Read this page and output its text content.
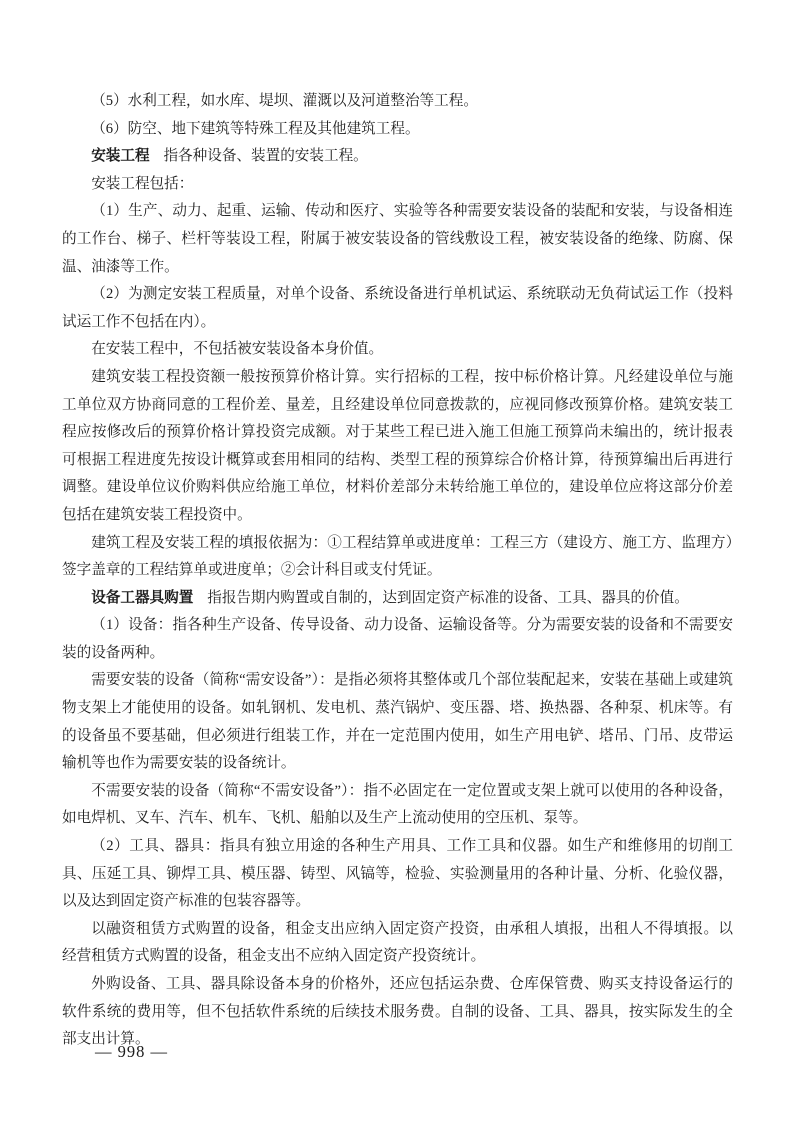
（5）水利工程，如水库、堤坝、灌溉以及河道整治等工程。

（6）防空、地下建筑等特殊工程及其他建筑工程。

安装工程 指各种设备、装置的安装工程。

安装工程包括：

（1）生产、动力、起重、运输、传动和医疗、实验等各种需要安装设备的装配和安装，与设备相连的工作台、梯子、栏杆等装设工程，附属于被安装设备的管线敷设工程，被安装设备的绝缘、防腐、保温、油漆等工作。

（2）为测定安装工程质量，对单个设备、系统设备进行单机试运、系统联动无负荷试运工作（投料试运工作不包括在内）。

在安装工程中，不包括被安装设备本身价值。

建筑安装工程投资额一般按预算价格计算。实行招标的工程，按中标价格计算。凡经建设单位与施工单位双方协商同意的工程价差、量差，且经建设单位同意拨款的，应视同修改预算价格。建筑安装工程应按修改后的预算价格计算投资完成额。对于某些工程已进入施工但施工预算尚未编出的，统计报表可根据工程进度先按设计概算或套用相同的结构、类型工程的预算综合价格计算，待预算编出后再进行调整。建设单位议价购料供应给施工单位，材料价差部分未转给施工单位的，建设单位应将这部分价差包括在建筑安装工程投资中。

建筑工程及安装工程的填报依据为：①工程结算单或进度单：工程三方（建设方、施工方、监理方）签字盖章的工程结算单或进度单；②会计科目或支付凭证。

设备工器具购置 指报告期内购置或自制的，达到固定资产标准的设备、工具、器具的价值。

（1）设备：指各种生产设备、传导设备、动力设备、运输设备等。分为需要安装的设备和不需要安装的设备两种。

需要安装的设备（简称“需安设备”）：是指必须将其整体或几个部位装配起来，安装在基础上或建筑物支架上才能使用的设备。如轧钢机、发电机、蒸汽锅炉、变压器、塔、换热器、各种泵、机床等。有的设备虽不要基础，但必须进行组装工作，并在一定范围内使用，如生产用电铲、塔吊、门吊、皮带运输机等也作为需要安装的设备统计。

不需要安装的设备（简称“不需安设备”）：指不必固定在一定位置或支架上就可以使用的各种设备，如电焊机、叉车、汽车、机车、飞机、船舶以及生产上流动使用的空压机、泵等。

（2）工具、器具：指具有独立用途的各种生产用具、工作工具和仪器。如生产和维修用的切削工具、压延工具、铆焊工具、模压器、铸型、风镐等，检验、实验测量用的各种计量、分析、化验仪器，以及达到固定资产标准的包装容器等。

以融资租赁方式购置的设备，租金支出应纳入固定资产投资，由承租人填报，出租人不得填报。以经营租赁方式购置的设备，租金支出不应纳入固定资产投资统计。

外购设备、工具、器具除设备本身的价格外，还应包括运杂费、仓库保管费、购买支持设备运行的软件系统的费用等，但不包括软件系统的后续技术服务费。自制的设备、工具、器具，按实际发生的全部支出计算。

— 998 —
